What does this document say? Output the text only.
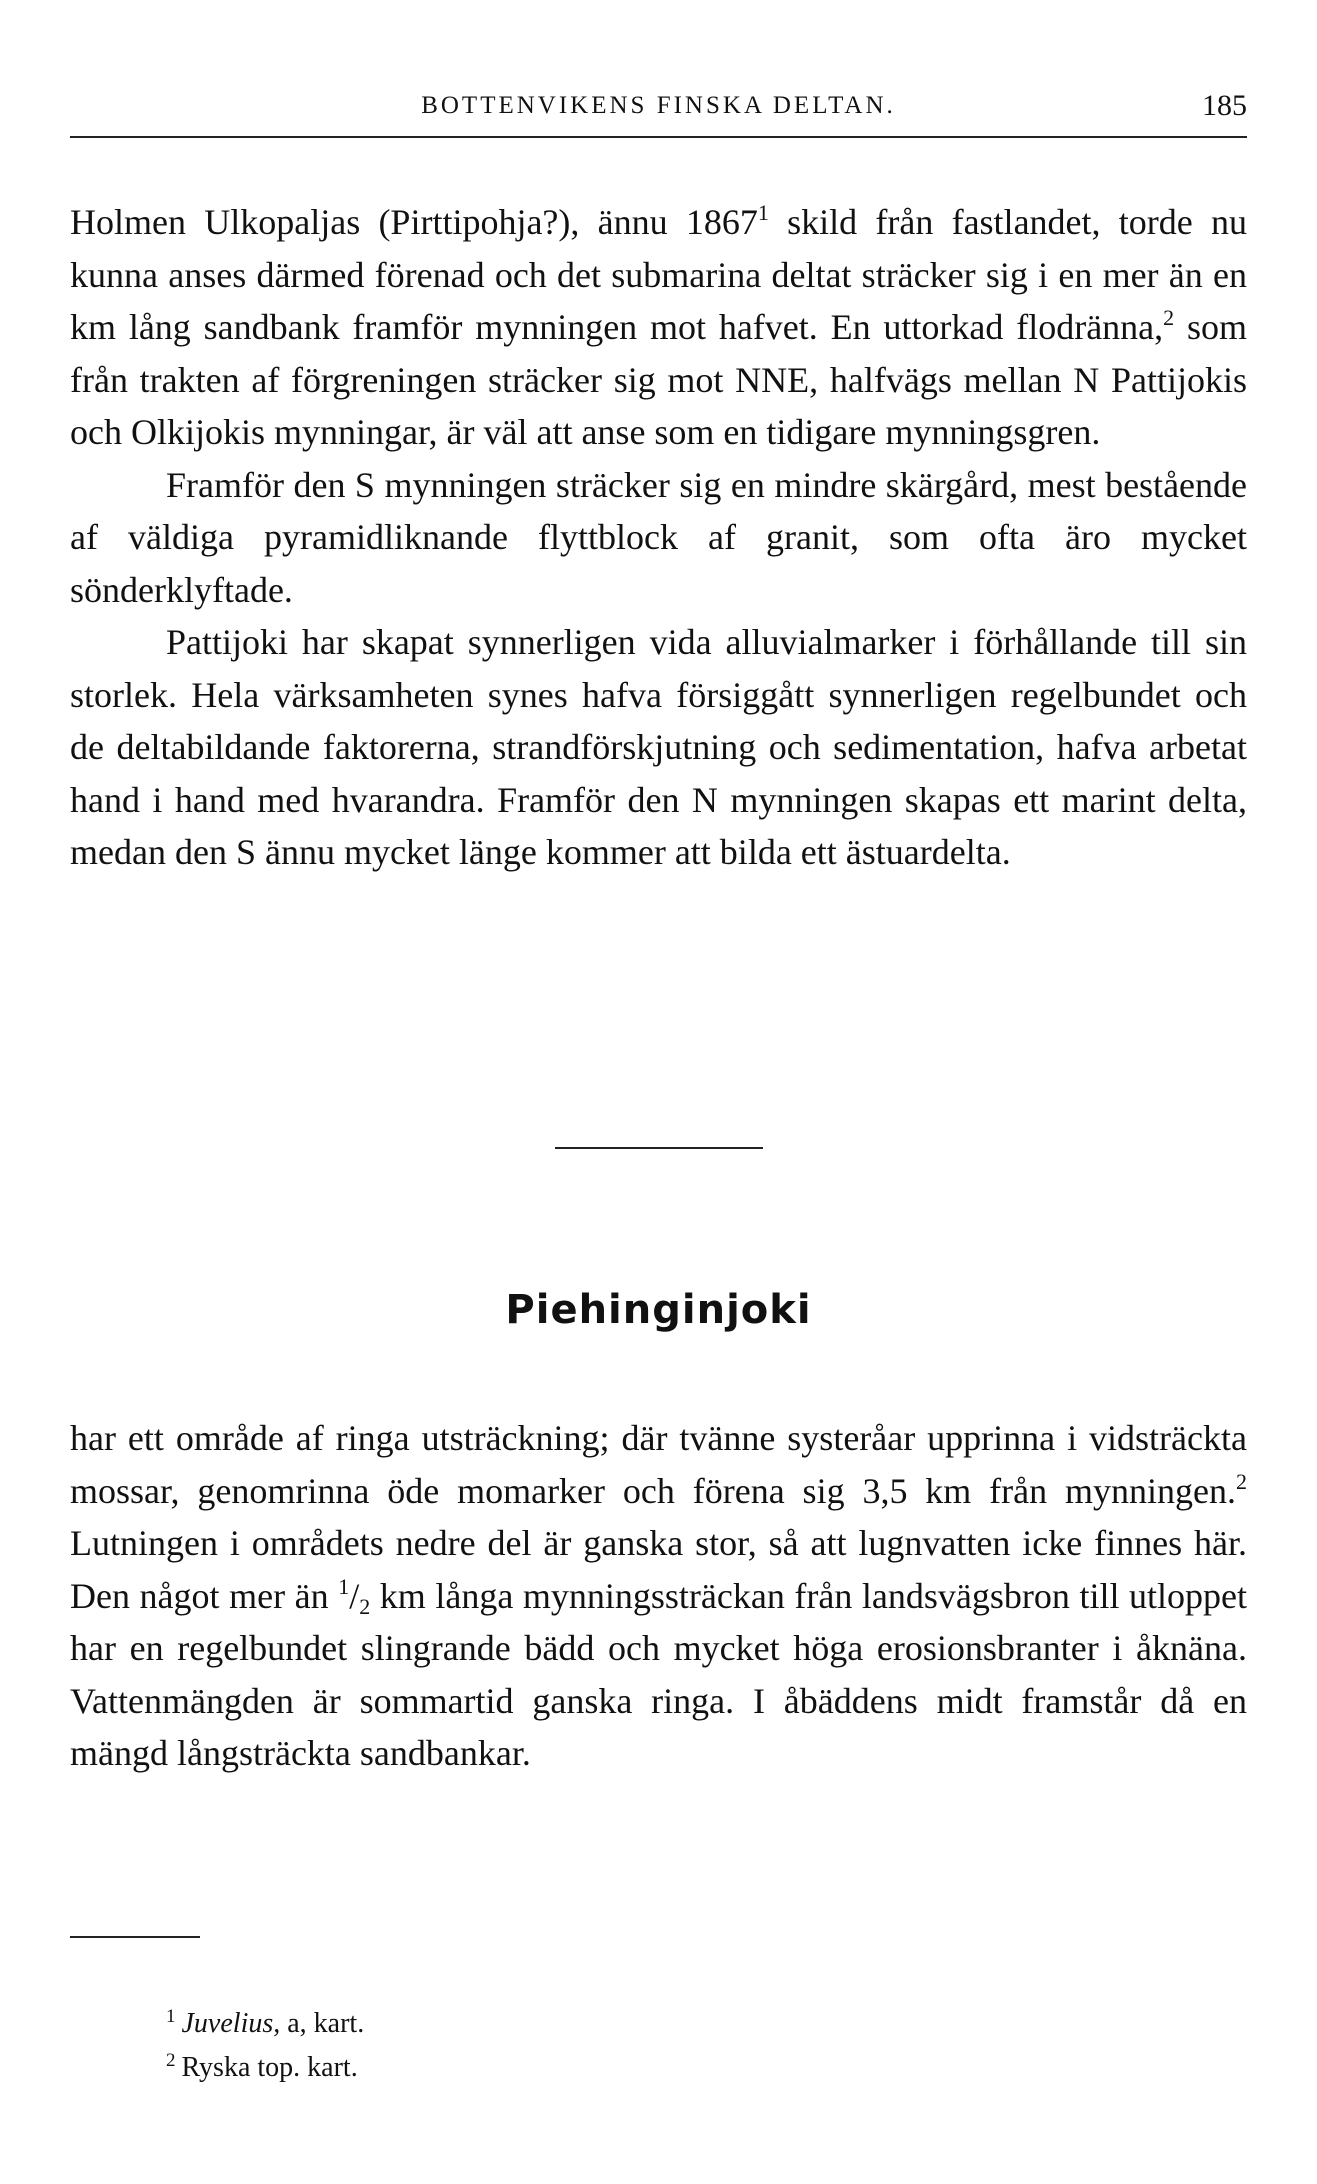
BOTTENVIKENS FINSKA DELTAN.	185

Holmen Ulkopaljas (Pirttipohja?), ännu 1867$^1$ skild från fastlandet, torde nu kunna anses därmed förenad och det submarina deltat sträcker sig i en mer än en km lång sandbank framför mynningen mot hafvet. En uttorkad flodränna,$^2$ som från trakten af förgreningen sträcker sig mot NNE, halfvägs mellan N Pattijokis och Olkijokis mynningar, är väl att anse som en tidigare mynningsgren.

Framför den S mynningen sträcker sig en mindre skärgård, mest bestående af väldiga pyramidliknande flyttblock af granit, som ofta äro mycket sönderklyftade.

Pattijoki har skapat synnerligen vida alluvialmarker i förhållande till sin storlek. Hela värksamheten synes hafva försiggått synnerligen regelbundet och de deltabildande faktorerna, strandförskjutning och sedimentation, hafva arbetat hand i hand med hvarandra. Framför den N mynningen skapas ett marint delta, medan den S ännu mycket länge kommer att bilda ett ästuardelta.

Piehinginjoki

har ett område af ringa utsträckning; där tvänne systeråar upprinna i vidsträckta mossar, genomrinna öde momarker och förena sig 3,5 km från mynningen.$^2$ Lutningen i områdets nedre del är ganska stor, så att lugnvatten icke finnes här. Den något mer än $^1/_2$ km långa mynningssträckan från landsvägsbron till utloppet har en regelbundet slingrande bädd och mycket höga erosionsbranter i åknäna. Vattenmängden är sommartid ganska ringa. I åbäddens midt framstår då en mängd långsträckta sandbankar.

$^1$ Juvelius, a, kart.

$^2$ Ryska top. kart.
